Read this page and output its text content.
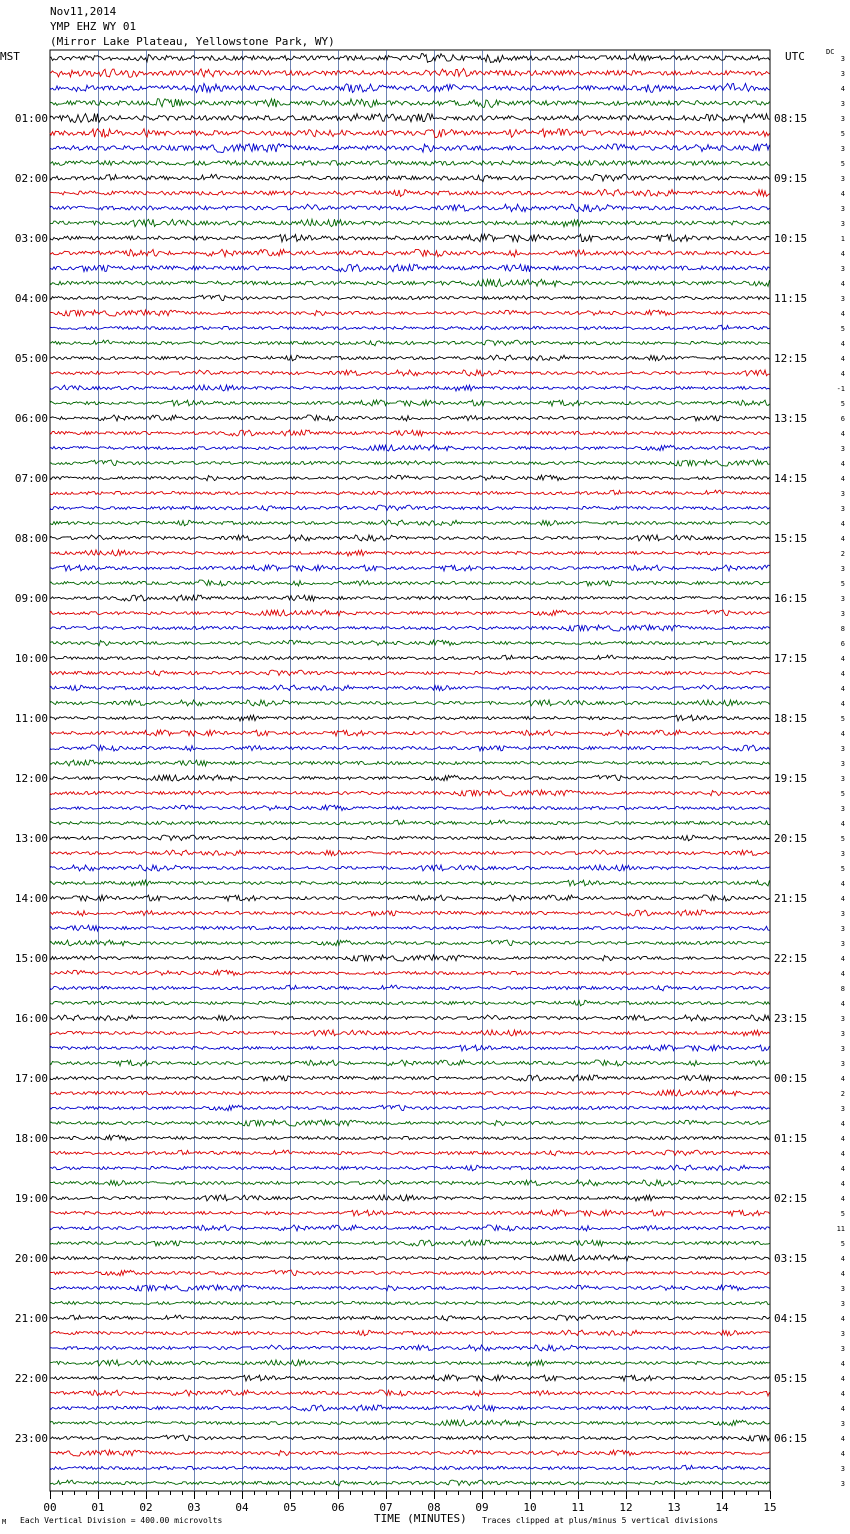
01:00	08:15
02:00	09:15
03:00	10:15
04:00	11:15
05:00	12:15
06:00	13:15
07:00	14:15
08:00	15:15
09:00	16:15
10:00	17:15
11:00	18:15
12:00	19:15
13:00	20:15
14:00	21:15
15:00	22:15
16:00	23:15
17:00	00:15
18:00	01:15
19:00	02:15
20:00	03:15
21:00	04:15
22:00	05:15
23:00	06:15
3
3
4
3
3
5
3
5
3
4
3
3
1
4
3
4
3
4
5
4
4
4
-1
5
6
4
3
4
4
3
3
4
4
2
3
5
3
3
8
6
4
4
4
4
5
4
3
3
3
5
3
4
5
3
5
4
4
3
3
3
4
4
8
4
3
3
3
3
4
2
3
4
4
4
4
4
4
5
11
5
4
4
3
3
4
3
3
4
4
4
4
3
4
4
3
3
00	01	02	03	04	05	06	07	08	09	10	11	12	13	14	15
Nov11,2014
YMP EHZ WY 01
(Mirror Lake Plateau, Yellowstone Park, WY)
MST	UTC	DC
M Each Vertical Division = 400.00 microvolts	TIME (MINUTES) Traces clipped at plus/minus 5 vertical divisions
